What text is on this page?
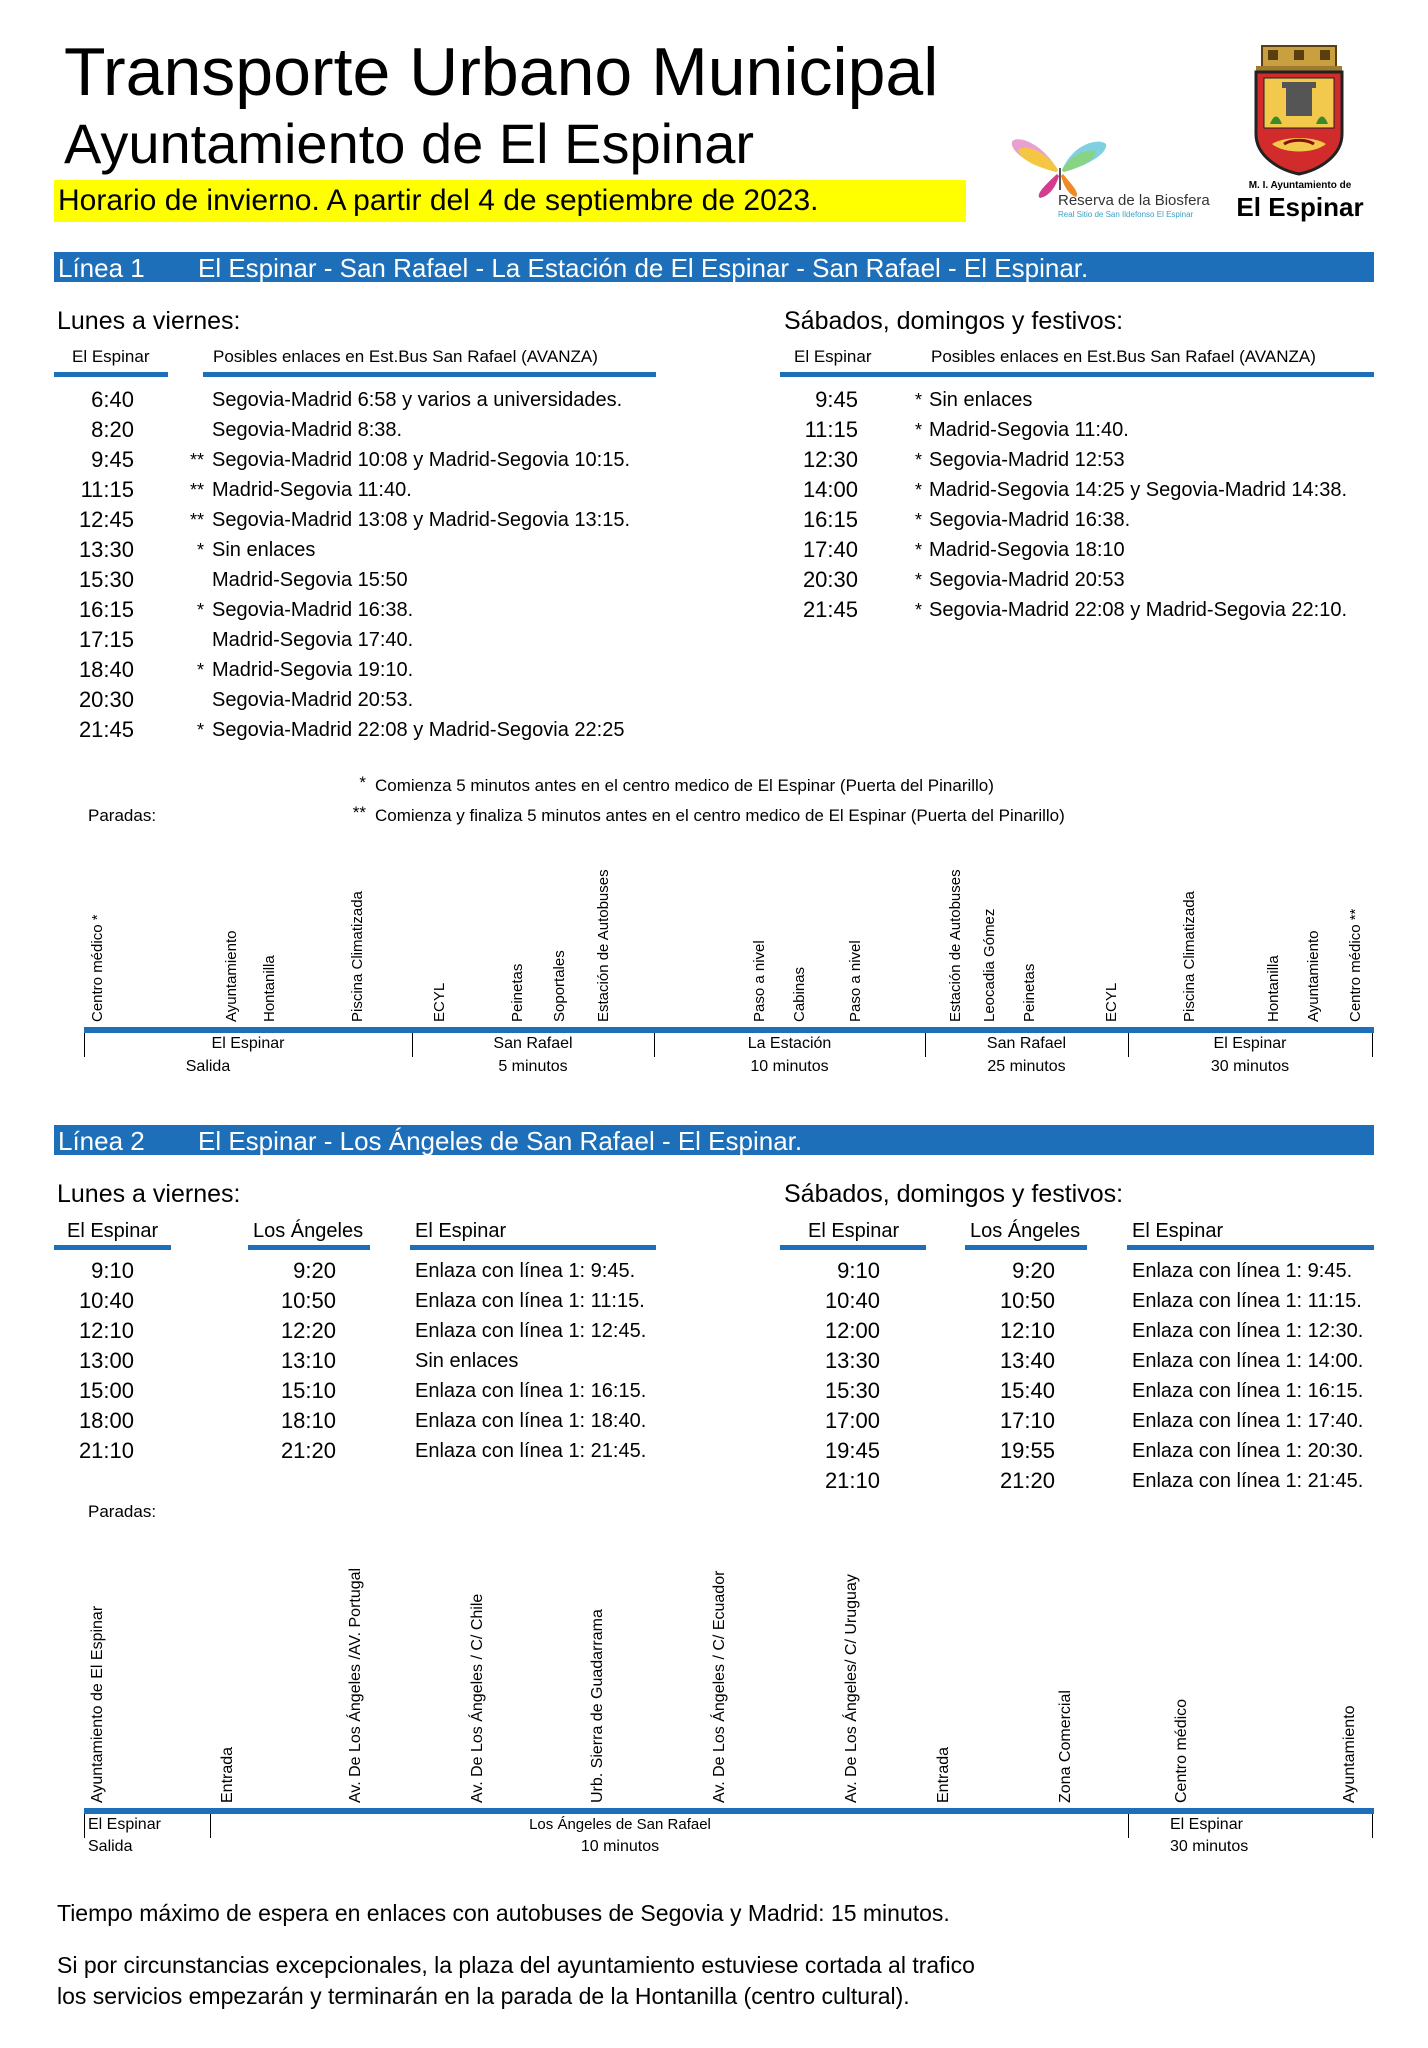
Transporte Urbano Municipal
Ayuntamiento de El Espinar
Horario de invierno. A partir del 4 de septiembre de 2023.	Reserva de la Biosfera
Real Sitio de San Ildefonso El Espinar
M. I. Ayuntamiento de
El Espinar
Línea 1 El Espinar - San Rafael - La Estación de El Espinar - San Rafael - El Espinar.
Lunes a viernes:
El Espinar	Posibles enlaces en Est.Bus San Rafael (AVANZA)
6:40	Segovia-Madrid 6:58 y varios a universidades.
8:20	Segovia-Madrid 8:38.
9:45	** Segovia-Madrid 10:08 y Madrid-Segovia 10:15.
11:15	** Madrid-Segovia 11:40.
12:45	** Segovia-Madrid 13:08 y Madrid-Segovia 13:15.
13:30	* Sin enlaces
15:30	Madrid-Segovia 15:50
16:15	* Segovia-Madrid 16:38.
17:15	Madrid-Segovia 17:40.
18:40	* Madrid-Segovia 19:10.
20:30	Segovia-Madrid 20:53.
21:45	* Segovia-Madrid 22:08 y Madrid-Segovia 22:25
Sábados, domingos y festivos:
El Espinar	Posibles enlaces en Est.Bus San Rafael (AVANZA)
9:45	* Sin enlaces
11:15	* Madrid-Segovia 11:40.
12:30	* Segovia-Madrid 12:53
14:00	* Madrid-Segovia 14:25 y Segovia-Madrid 14:38.
16:15	* Segovia-Madrid 16:38.
17:40	* Madrid-Segovia 18:10
20:30	* Segovia-Madrid 20:53
21:45	* Segovia-Madrid 22:08 y Madrid-Segovia 22:10.
* Comienza 5 minutos antes en el centro medico de El Espinar (Puerta del Pinarillo)
** Comienza y finaliza 5 minutos antes en el centro medico de El Espinar (Puerta del Pinarillo)
Paradas:
Centro médico *	Ayuntamiento Hontanilla	Piscina Climatizada	ECYL	Peinetas Soportales Estación de Autobuses	Paso a nivel Cabinas	Paso a nivel	Estación de Autobuses Leocadia Gómez Peinetas	ECYL	Piscina Climatizada	Hontanilla Ayuntamiento Centro médico **
El Espinar
Salida
San Rafael
5 minutos
La Estación
10 minutos
San Rafael
25 minutos
El Espinar
30 minutos
Línea 2 El Espinar - Los Ángeles de San Rafael - El Espinar.
Lunes a viernes:
El Espinar	Los Ángeles	El Espinar
9:10	9:20	Enlaza con línea 1: 9:45.
10:40	10:50	Enlaza con línea 1: 11:15.
12:10	12:20	Enlaza con línea 1: 12:45.
13:00	13:10	Sin enlaces
15:00	15:10	Enlaza con línea 1: 16:15.
18:00	18:10	Enlaza con línea 1: 18:40.
21:10	21:20	Enlaza con línea 1: 21:45.
Sábados, domingos y festivos:
El Espinar	Los Ángeles	El Espinar
9:10	9:20	Enlaza con línea 1: 9:45.
10:40	10:50	Enlaza con línea 1: 11:15.
12:00	12:10	Enlaza con línea 1: 12:30.
13:30	13:40	Enlaza con línea 1: 14:00.
15:30	15:40	Enlaza con línea 1: 16:15.
17:00	17:10	Enlaza con línea 1: 17:40.
19:45	19:55	Enlaza con línea 1: 20:30.
21:10	21:20	Enlaza con línea 1: 21:45.
Paradas:
Ayuntamiento de El Espinar	Entrada	Av. De Los Ángeles /AV. Portugal	Av. De Los Ángeles / C/ Chile	Urb. Sierra de Guadarrama	Av. De Los Ángeles / C/ Ecuador	Av. De Los Ángeles/ C/ Uruguay	Entrada	Zona Comercial	Centro médico	Ayuntamiento
El Espinar
Salida
Los Ángeles de San Rafael
10 minutos
El Espinar
30 minutos
Tiempo máximo de espera en enlaces con autobuses de Segovia y Madrid: 15 minutos.
Si por circunstancias excepcionales, la plaza del ayuntamiento estuviese cortada al trafico
los servicios empezarán y terminarán en la parada de la Hontanilla (centro cultural).
